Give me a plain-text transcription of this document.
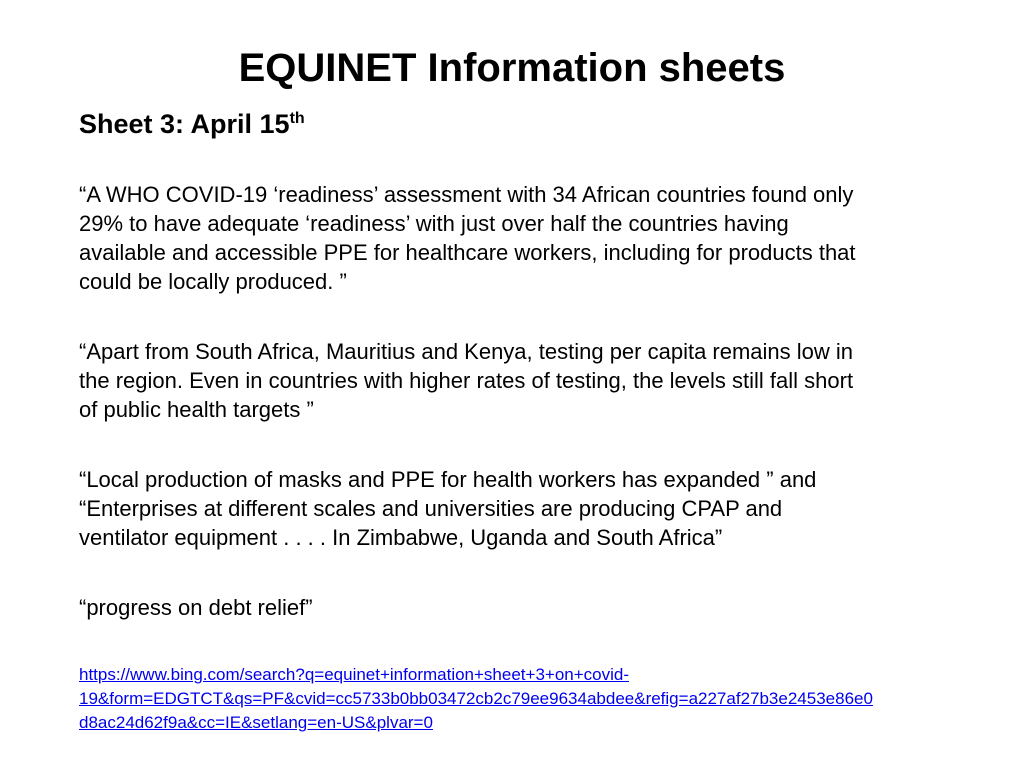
EQUINET Information sheets
Sheet 3: April 15th

“A WHO COVID-19 ‘readiness’ assessment with 34 African countries found only
29% to have adequate ‘readiness’ with just over half the countries having
available and accessible PPE for healthcare workers, including for products that
could be locally produced. ”

“Apart from South Africa, Mauritius and Kenya, testing per capita remains low in
the region. Even in countries with higher rates of testing, the levels still fall short
of public health targets ”

“Local production of masks and PPE for health workers has expanded ” and
“Enterprises at different scales and universities are producing CPAP and
ventilator equipment . . . . In Zimbabwe, Uganda and South Africa”

“progress on debt relief”

https://www.bing.com/search?q=equinet+information+sheet+3+on+covid-
19&form=EDGTCT&qs=PF&cvid=cc5733b0bb03472cb2c79ee9634abdee&refig=a227af27b3e2453e86e0
d8ac24d62f9a&cc=IE&setlang=en-US&plvar=0
